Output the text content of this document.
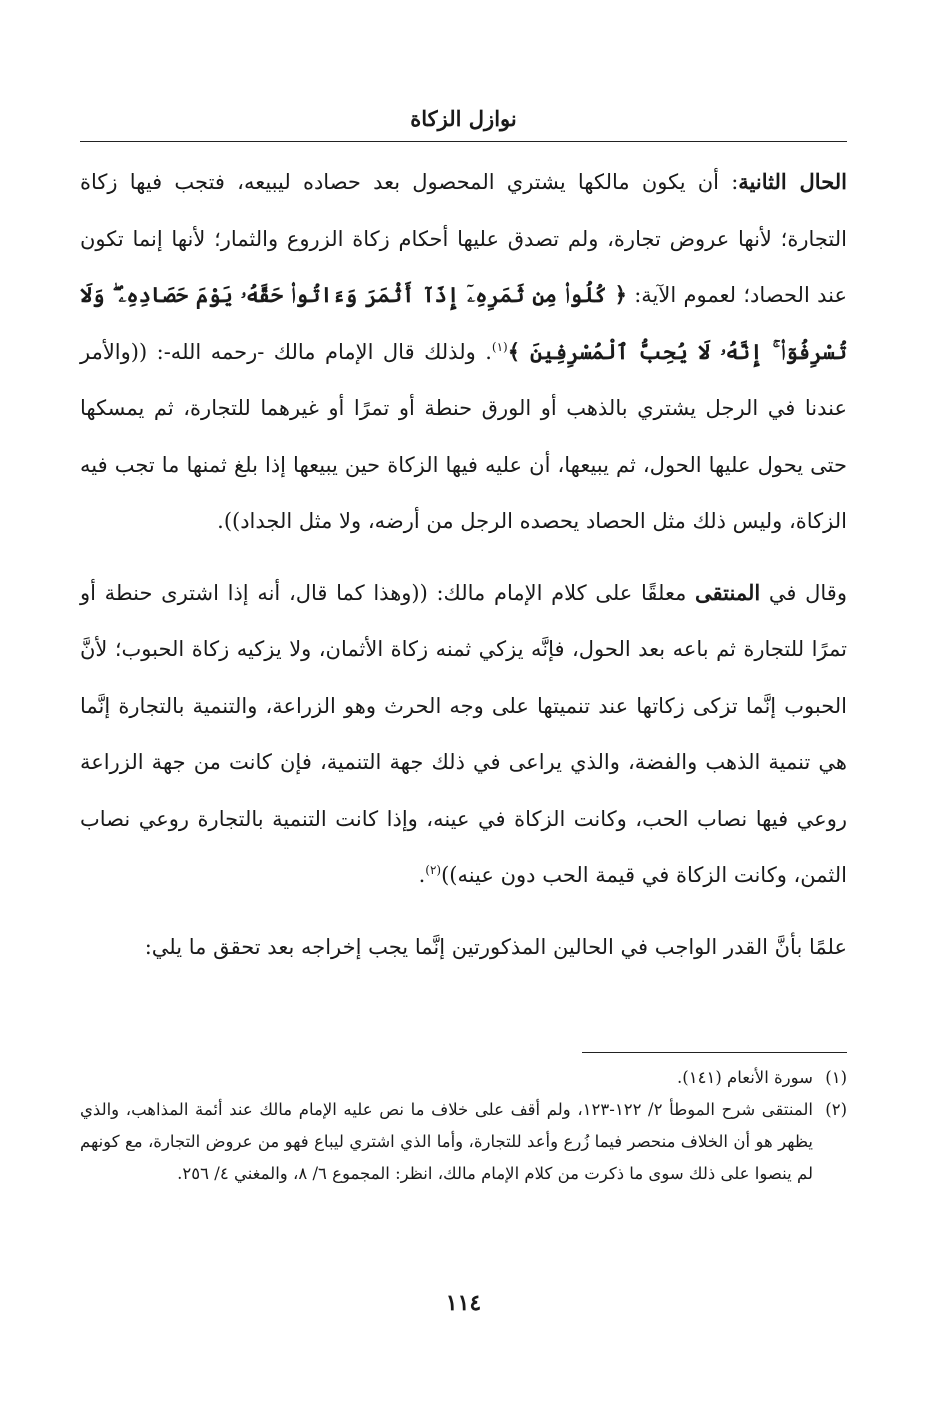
نوازل الزكاة

الحال الثانية: أن يكون مالكها يشتري المحصول بعد حصاده ليبيعه، فتجب فيها زكاة التجارة؛ لأنها عروض تجارة، ولم تصدق عليها أحكام زكاة الزروع والثمار؛ لأنها إنما تكون عند الحصاد؛ لعموم الآية: ﴿ كُلُوا۟ مِن ثَمَرِهِۦٓ إِذَآ أَثْمَرَ وَءَاتُوا۟ حَقَّهُۥ يَوْمَ حَصَادِهِۦ ۖ وَلَا تُسْرِفُوٓا۟ ۚ إِنَّهُۥ لَا يُحِبُّ ٱلْمُسْرِفِينَ ﴾$^{(١)}$. ولذلك قال الإمام مالك -رحمه الله-: ((والأمر عندنا في الرجل يشتري بالذهب أو الورق حنطة أو تمرًا أو غيرهما للتجارة، ثم يمسكها حتى يحول عليها الحول، ثم يبيعها، أن عليه فيها الزكاة حين يبيعها إذا بلغ ثمنها ما تجب فيه الزكاة، وليس ذلك مثل الحصاد يحصده الرجل من أرضه، ولا مثل الجداد)).

وقال في المنتقى معلقًا على كلام الإمام مالك: ((وهذا كما قال، أنه إذا اشترى حنطة أو تمرًا للتجارة ثم باعه بعد الحول، فإنَّه يزكي ثمنه زكاة الأثمان، ولا يزكيه زكاة الحبوب؛ لأنَّ الحبوب إنَّما تزكى زكاتها عند تنميتها على وجه الحرث وهو الزراعة، والتنمية بالتجارة إنَّما هي تنمية الذهب والفضة، والذي يراعى في ذلك جهة التنمية، فإن كانت من جهة الزراعة روعي فيها نصاب الحب، وكانت الزكاة في عينه، وإذا كانت التنمية بالتجارة روعي نصاب الثمن، وكانت الزكاة في قيمة الحب دون عينه))$^{(٢)}$.

علمًا بأنَّ القدر الواجب في الحالين المذكورتين إنَّما يجب إخراجه بعد تحقق ما يلي:

(١)
سورة الأنعام (١٤١).
(٢)
المنتقى شرح الموطأ ٢/ ١٢٢-١٢٣، ولم أقف على خلاف ما نص عليه الإمام مالك عند أئمة المذاهب، والذي يظهر هو أن الخلاف منحصر فيما زُرع وأعد للتجارة، وأما الذي اشتري ليباع فهو من عروض التجارة، مع كونهم لم ينصوا على ذلك سوى ما ذكرت من كلام الإمام مالك، انظر: المجموع ٦/ ٨، والمغني ٤/ ٢٥٦.
١١٤
